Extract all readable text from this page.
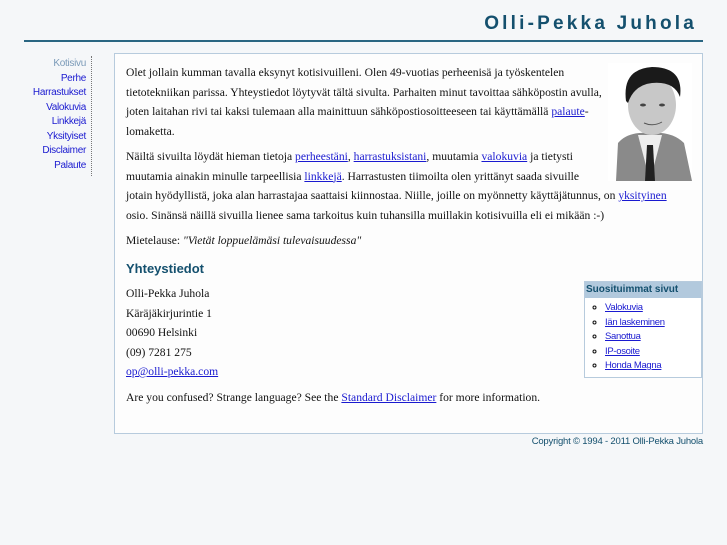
Olli-Pekka Juhola
Kotisivu
Perhe
Harrastukset
Valokuvia
Linkkejä
Yksityiset
Disclaimer
Palaute

Olet jollain kumman tavalla eksynyt kotisivuilleni. Olen 49-vuotias perheenisä ja työskentelen tietotekniikan parissa. Yhteystiedot löytyvät tältä sivulta. Parhaiten minut tavoittaa sähköpostin avulla, joten laitahan rivi tai kaksi tulemaan alla mainittuun sähköpostiosoitteeseen tai käyttämällä palaute-lomaketta.

Näiltä sivuilta löydät hieman tietoja perheestäni, harrastuksistani, muutamia valokuvia ja tietysti muutamia ainakin minulle tarpeellisia linkkejä. Harrastusten tiimoilta olen yrittänyt saada sivuille jotain hyödyllistä, joka alan harrastajaa saattaisi kiinnostaa. Niille, joille on myönnetty käyttäjätunnus, on yksityinen osio. Sinänsä näillä sivuilla lienee sama tarkoitus kuin tuhansilla muillakin kotisivuilla eli ei mikään :-)

Mietelause: "Vietät loppuelämäsi tulevaisuudessa"

Yhteystiedot

Olli-Pekka Juhola
Käräjäkirjurintie 1
00690 Helsinki
(09) 7281 275
op@olli-pekka.com

Are you confused? Strange language? See the Standard Disclaimer for more information.

Suosituimmat sivut
◦ Valokuvia
◦ Iän laskeminen
◦ Sanottua
◦ IP-osoite
◦ Honda Magna
Copyright © 1994 - 2011 Olli-Pekka Juhola
